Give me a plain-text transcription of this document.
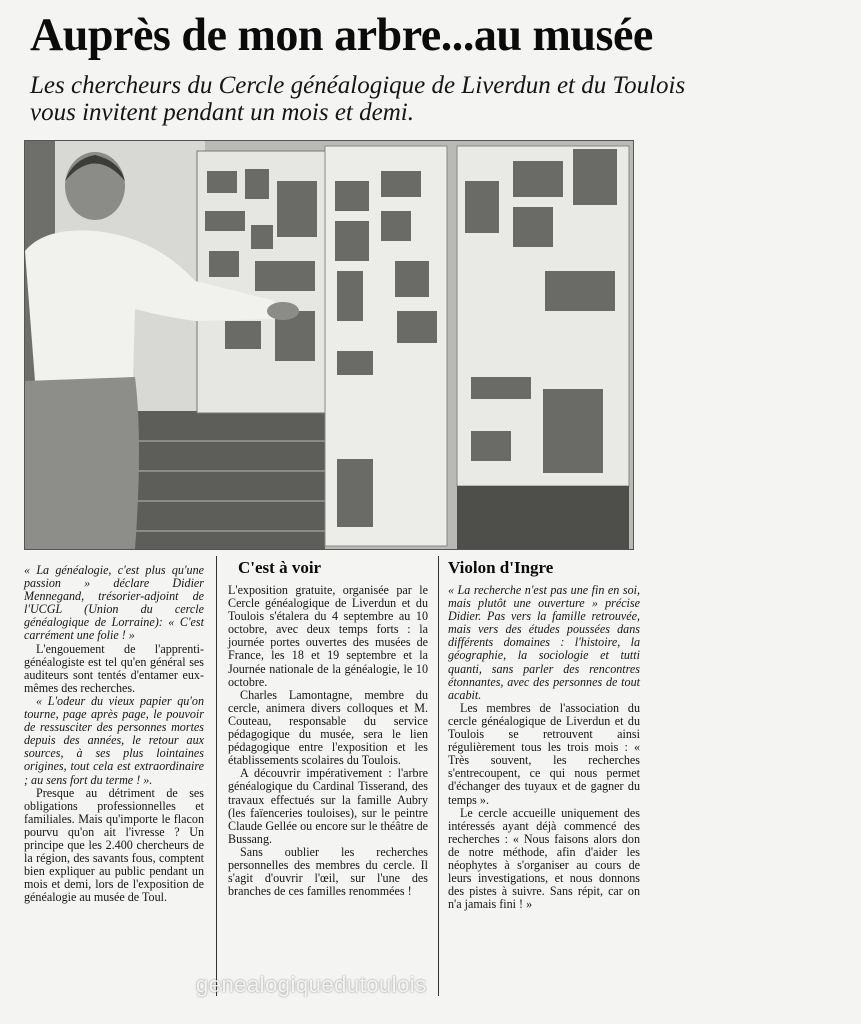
Auprès de mon arbre...au musée
Les chercheurs du Cercle généalogique de Liverdun et du Toulois
vous invitent pendant un mois et demi.

« La généalogie, c'est plus qu'une passion » déclare Didier Mennegand, trésorier-adjoint de l'UCGL (Union du cercle généalogique de Lorraine): « C'est carrément une folie ! »

L'engouement de l'apprenti-généalogiste est tel qu'en général ses auditeurs sont tentés d'entamer eux-mêmes des recherches.

« L'odeur du vieux papier qu'on tourne, page après page, le pouvoir de ressusciter des personnes mortes depuis des années, le retour aux sources, à ses plus lointaines origines, tout cela est extraordinaire ; au sens fort du terme ! ».

Presque au détriment de ses obligations professionnelles et familiales. Mais qu'importe le flacon pourvu qu'on ait l'ivresse ? Un principe que les 2.400 chercheurs de la région, des savants fous, comptent bien expliquer au public pendant un mois et demi, lors de l'exposition de généalogie au musée de Toul.

C'est à voir

L'exposition gratuite, organisée par le Cercle généalogique de Liverdun et du Toulois s'étalera du 4 septembre au 10 octobre, avec deux temps forts : la journée portes ouvertes des musées de France, les 18 et 19 septembre et la Journée nationale de la généalogie, le 10 octobre.

Charles Lamontagne, membre du cercle, animera divers colloques et M. Couteau, responsable du service pédagogique du musée, sera le lien pédagogique entre l'exposition et les établissements scolaires du Toulois.

A découvrir impérativement : l'arbre généalogique du Cardinal Tisserand, des travaux effectués sur la famille Aubry (les faïenceries touloises), sur le peintre Claude Gellée ou encore sur le théâtre de Bussang.

Sans oublier les recherches personnelles des membres du cercle. Il s'agit d'ouvrir l'œil, sur l'une des branches de ces familles renommées !

Violon d'Ingre

« La recherche n'est pas une fin en soi, mais plutôt une ouverture » précise Didier. Pas vers la famille retrouvée, mais vers des études poussées dans différents domaines : l'histoire, la géographie, la sociologie et tutti quanti, sans parler des rencontres étonnantes, avec des personnes de tout acabit.

Les membres de l'association du cercle généalogique de Liverdun et du Toulois se retrouvent ainsi régulièrement tous les trois mois : « Très souvent, les recherches s'entrecoupent, ce qui nous permet d'échanger des tuyaux et de gagner du temps ».

Le cercle accueille uniquement des intéressés ayant déjà commencé des recherches : « Nous faisons alors don de notre méthode, afin d'aider les néophytes à s'organiser au cours de leurs investigations, et nous donnons des pistes à suivre. Sans répit, car on n'a jamais fini ! »

genealogiquedutoulois
